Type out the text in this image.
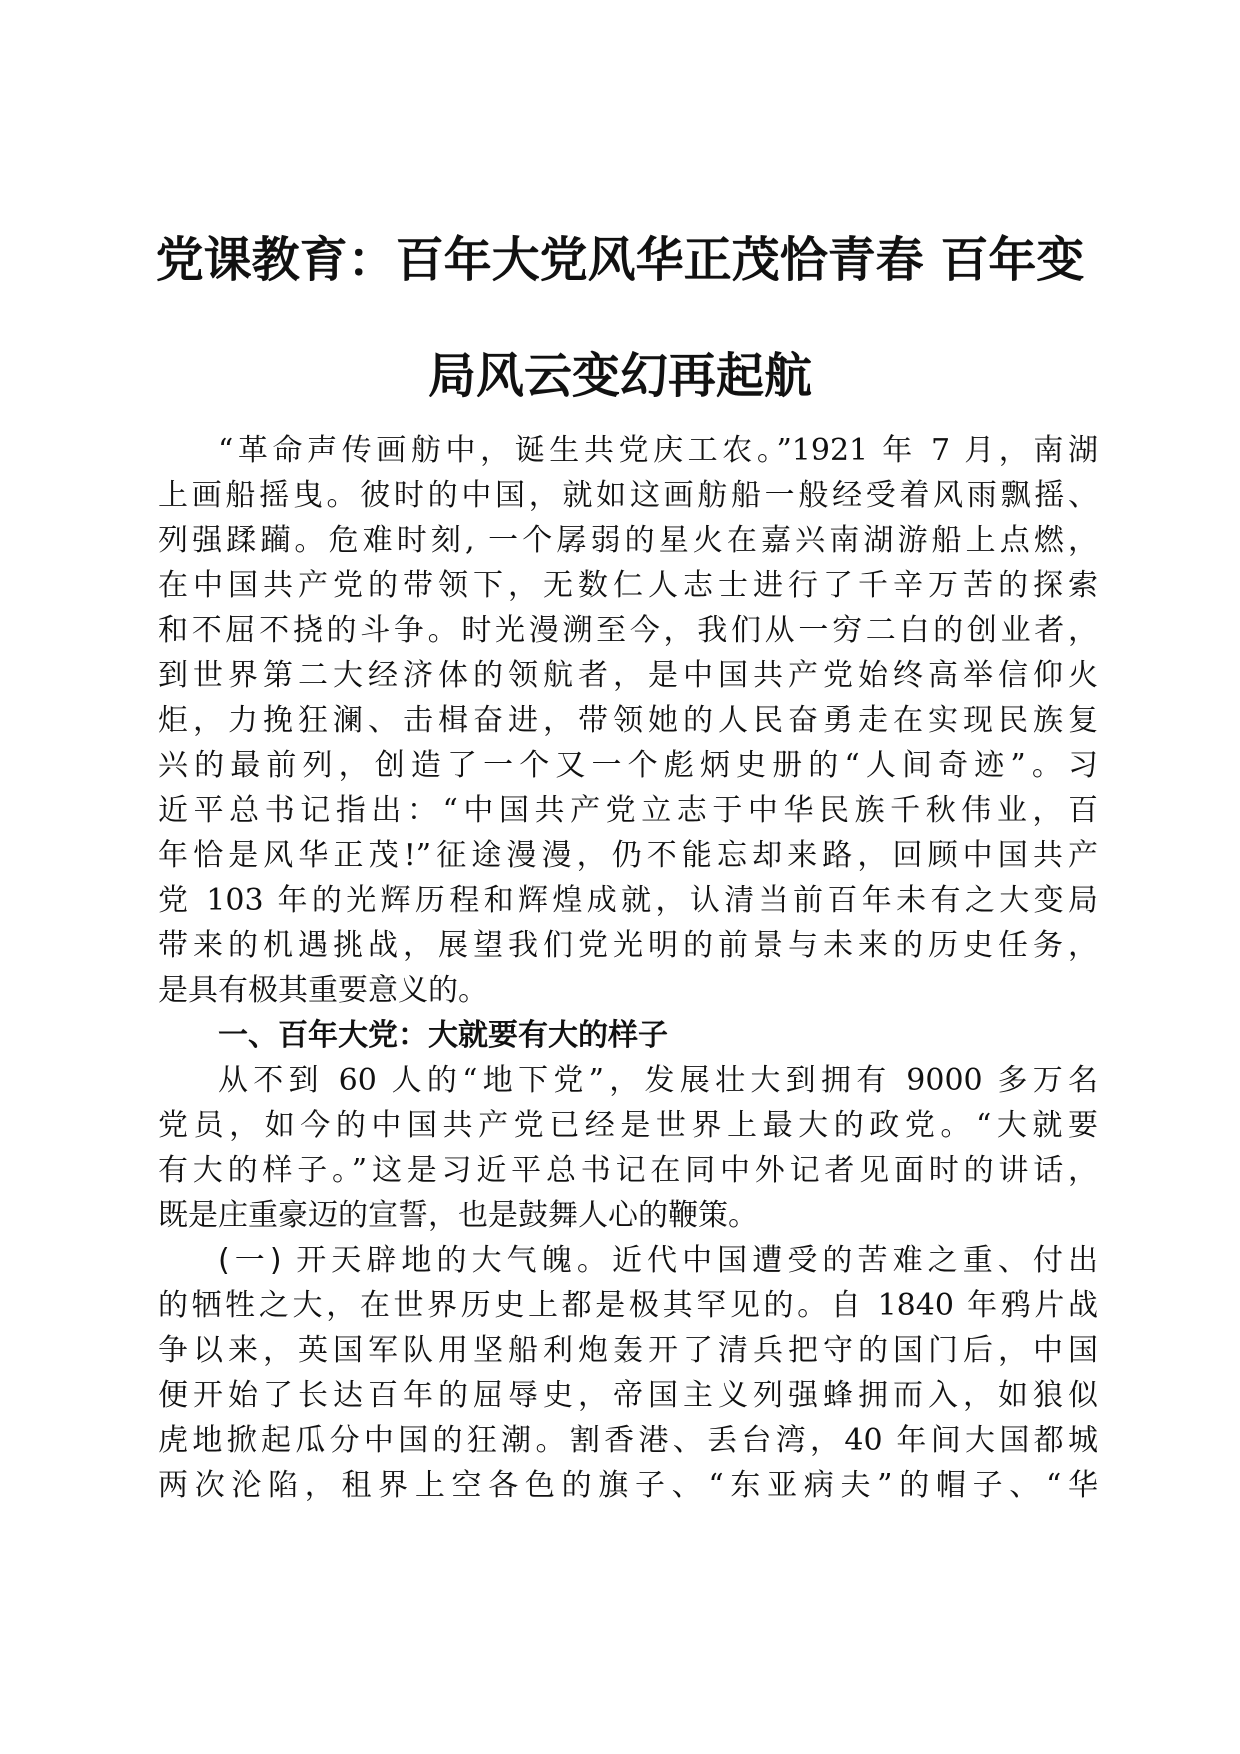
党课教育：百年大党风华正茂恰青春 百年变
局风云变幻再起航
“革命声传画舫中，诞生共党庆工农。”1921 年 7 月，南湖
上画船摇曳。彼时的中国，就如这画舫船一般经受着风雨飘摇、
列强蹂躏。危难时刻, 一个孱弱的星火在嘉兴南湖游船上点燃，
在中国共产党的带领下，无数仁人志士进行了千辛万苦的探索
和不屈不挠的斗争。时光漫溯至今，我们从一穷二白的创业者，
到世界第二大经济体的领航者，是中国共产党始终高举信仰火
炬，力挽狂澜、击楫奋进，带领她的人民奋勇走在实现民族复
兴的最前列，创造了一个又一个彪炳史册的“人间奇迹”。习
近平总书记指出：“中国共产党立志于中华民族千秋伟业，百
年恰是风华正茂!”征途漫漫，仍不能忘却来路，回顾中国共产
党 103 年的光辉历程和辉煌成就，认清当前百年未有之大变局
带来的机遇挑战，展望我们党光明的前景与未来的历史任务，
是具有极其重要意义的。
一、百年大党：大就要有大的样子
从不到 60 人的“地下党”，发展壮大到拥有 9000 多万名
党员，如今的中国共产党已经是世界上最大的政党。“大就要
有大的样子。”这是习近平总书记在同中外记者见面时的讲话，
既是庄重豪迈的宣誓，也是鼓舞人心的鞭策。
(一) 开天辟地的大气魄。近代中国遭受的苦难之重、付出
的牺牲之大，在世界历史上都是极其罕见的。自 1840 年鸦片战
争以来，英国军队用坚船利炮轰开了清兵把守的国门后，中国
便开始了长达百年的屈辱史，帝国主义列强蜂拥而入，如狼似
虎地掀起瓜分中国的狂潮。割香港、丢台湾，40 年间大国都城
两次沦陷，租界上空各色的旗子、“东亚病夫”的帽子、“华
